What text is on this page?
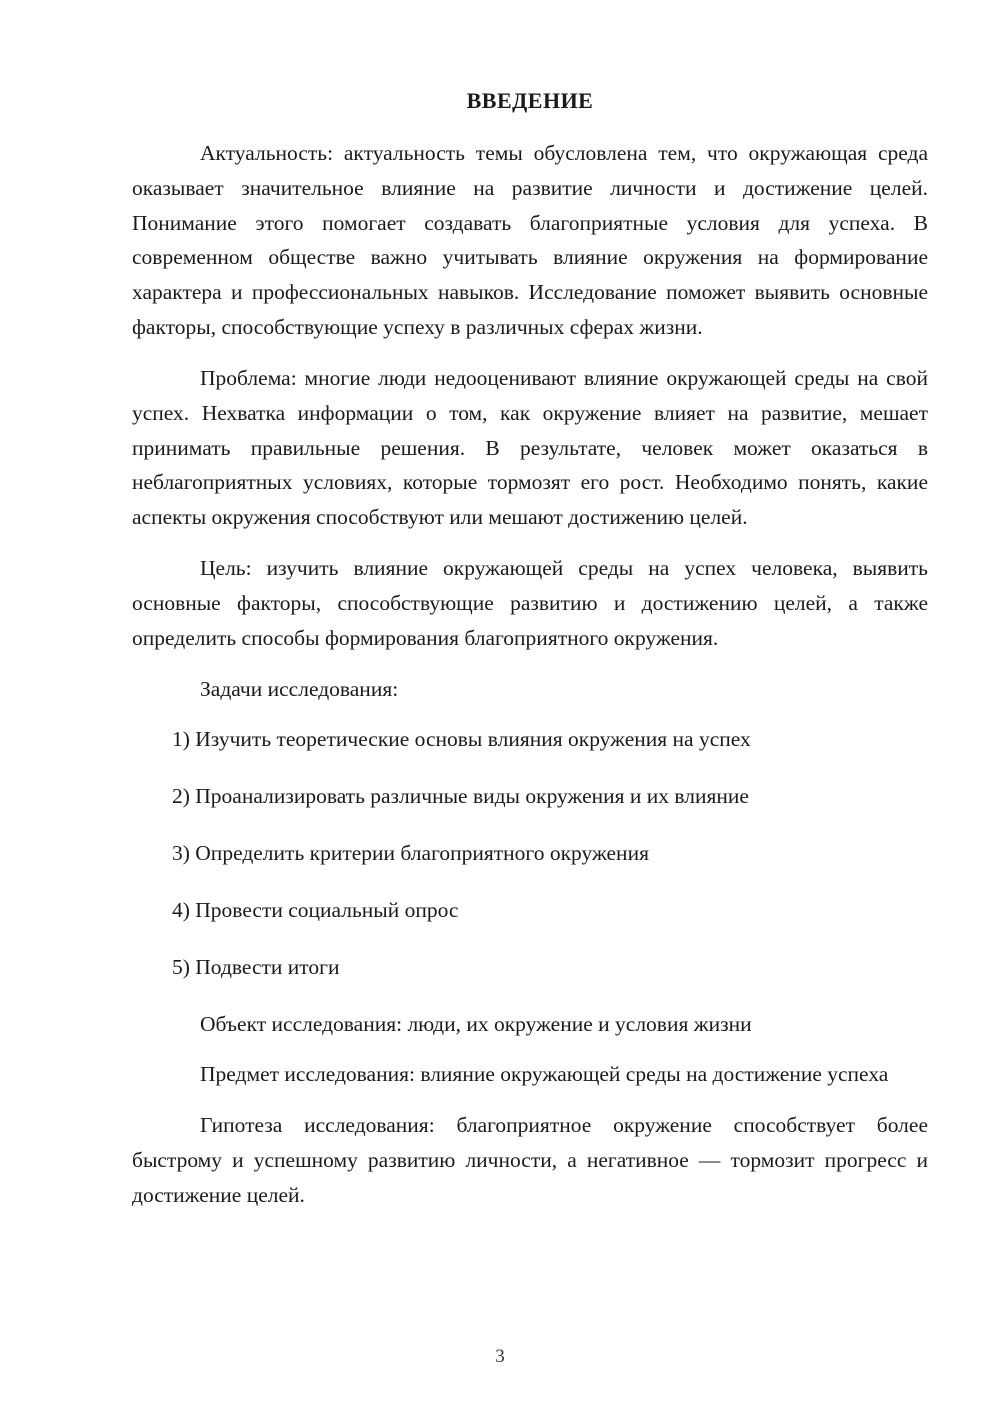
ВВЕДЕНИЕ

Актуальность: актуальность темы обусловлена тем, что окружающая среда оказывает значительное влияние на развитие личности и достижение целей. Понимание этого помогает создавать благоприятные условия для успеха. В современном обществе важно учитывать влияние окружения на формирование характера и профессиональных навыков. Исследование поможет выявить основные факторы, способствующие успеху в различных сферах жизни.

Проблема: многие люди недооценивают влияние окружающей среды на свой успех. Нехватка информации о том, как окружение влияет на развитие, мешает принимать правильные решения. В результате, человек может оказаться в неблагоприятных условиях, которые тормозят его рост. Необходимо понять, какие аспекты окружения способствуют или мешают достижению целей.

Цель: изучить влияние окружающей среды на успех человека, выявить основные факторы, способствующие развитию и достижению целей, а также определить способы формирования благоприятного окружения.

Задачи исследования:

1) Изучить теоретические основы влияния окружения на успех
2) Проанализировать различные виды окружения и их влияние
3) Определить критерии благоприятного окружения
4) Провести социальный опрос
5) Подвести итоги

Объект исследования: люди, их окружение и условия жизни

Предмет исследования: влияние окружающей среды на достижение успеха

Гипотеза исследования: благоприятное окружение способствует более быстрому и успешному развитию личности, а негативное — тормозит прогресс и достижение целей.

3
